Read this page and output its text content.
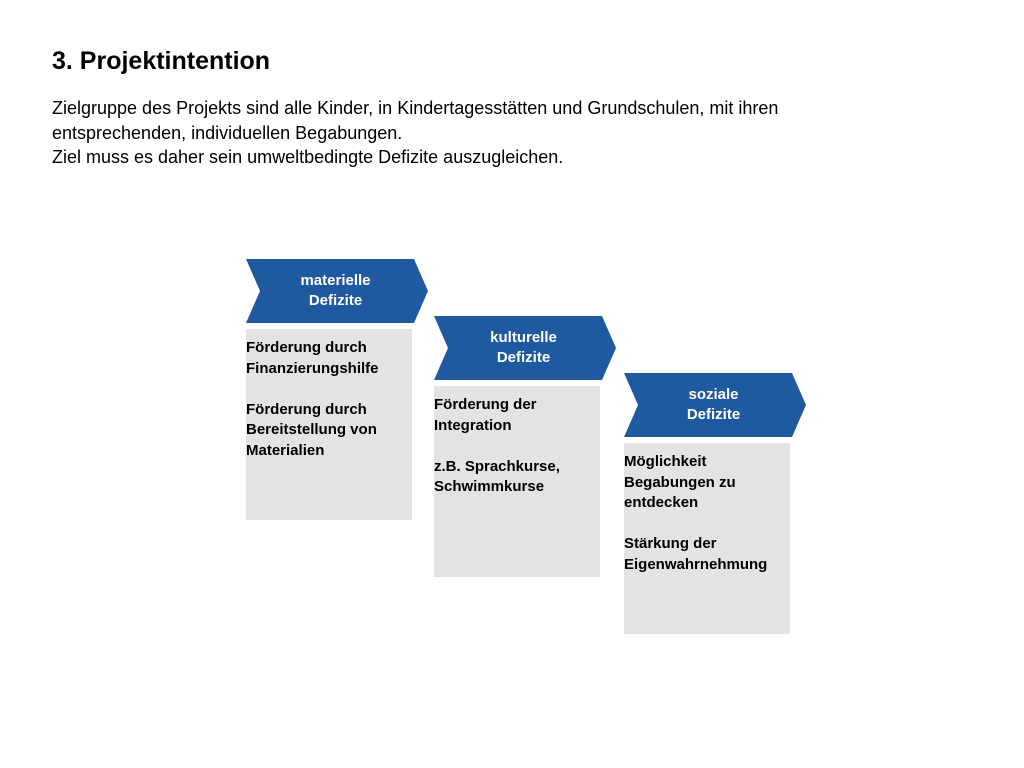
3. Projektintention
Zielgruppe des Projekts sind alle Kinder, in Kindertagesstätten und Grundschulen, mit ihren
entsprechenden, individuellen Begabungen.
Ziel muss es daher sein umweltbedingte Defizite auszugleichen.
materielle
Defizite

Förderung durch
Finanzierungshilfe

Förderung durch
Bereitstellung von
Materialien

kulturelle
Defizite

Förderung der
Integration

z.B. Sprachkurse,
Schwimmkurse

soziale
Defizite

Möglichkeit
Begabungen zu
entdecken

Stärkung der
Eigenwahrnehmung
